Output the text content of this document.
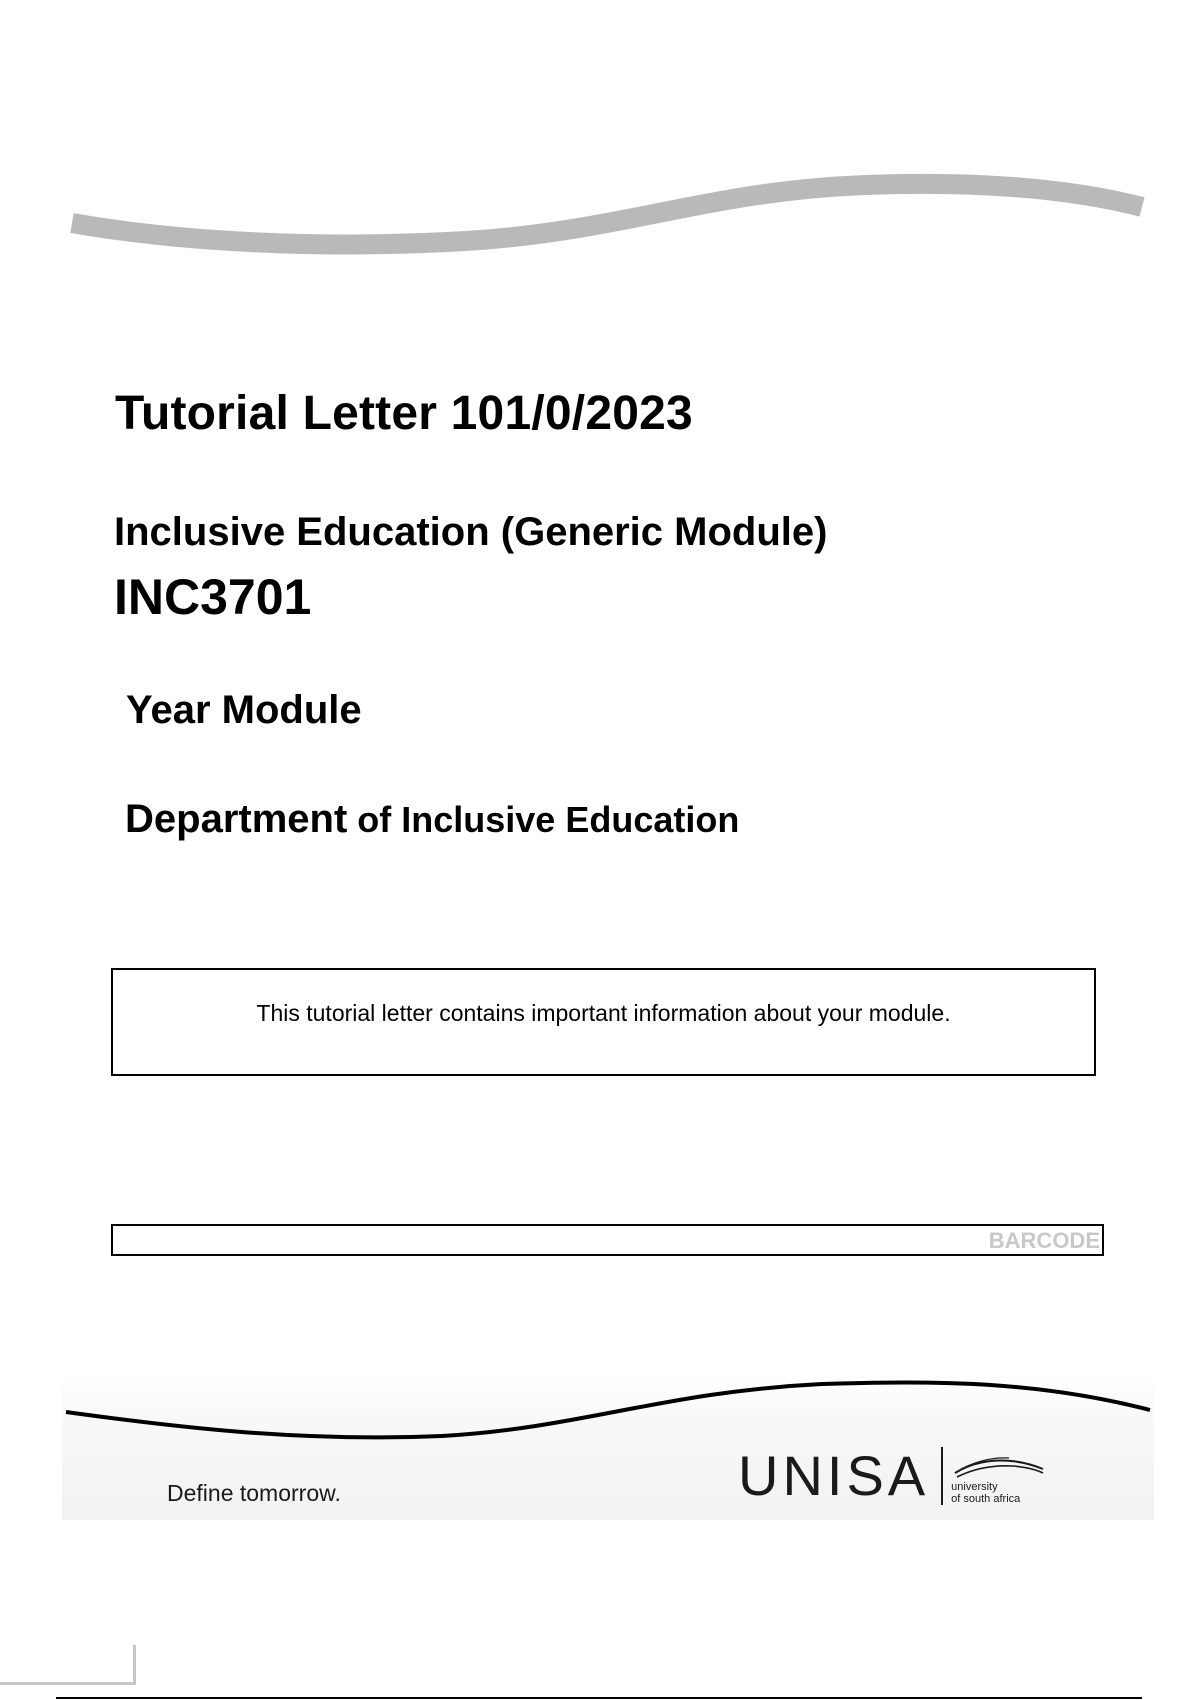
Tutorial Letter 101/0/2023
Inclusive Education (Generic Module)
INC3701
Year Module
Department of Inclusive Education
This tutorial letter contains important information about your module.
BARCODE
Define tomorrow.	UNISA university
of south africa
